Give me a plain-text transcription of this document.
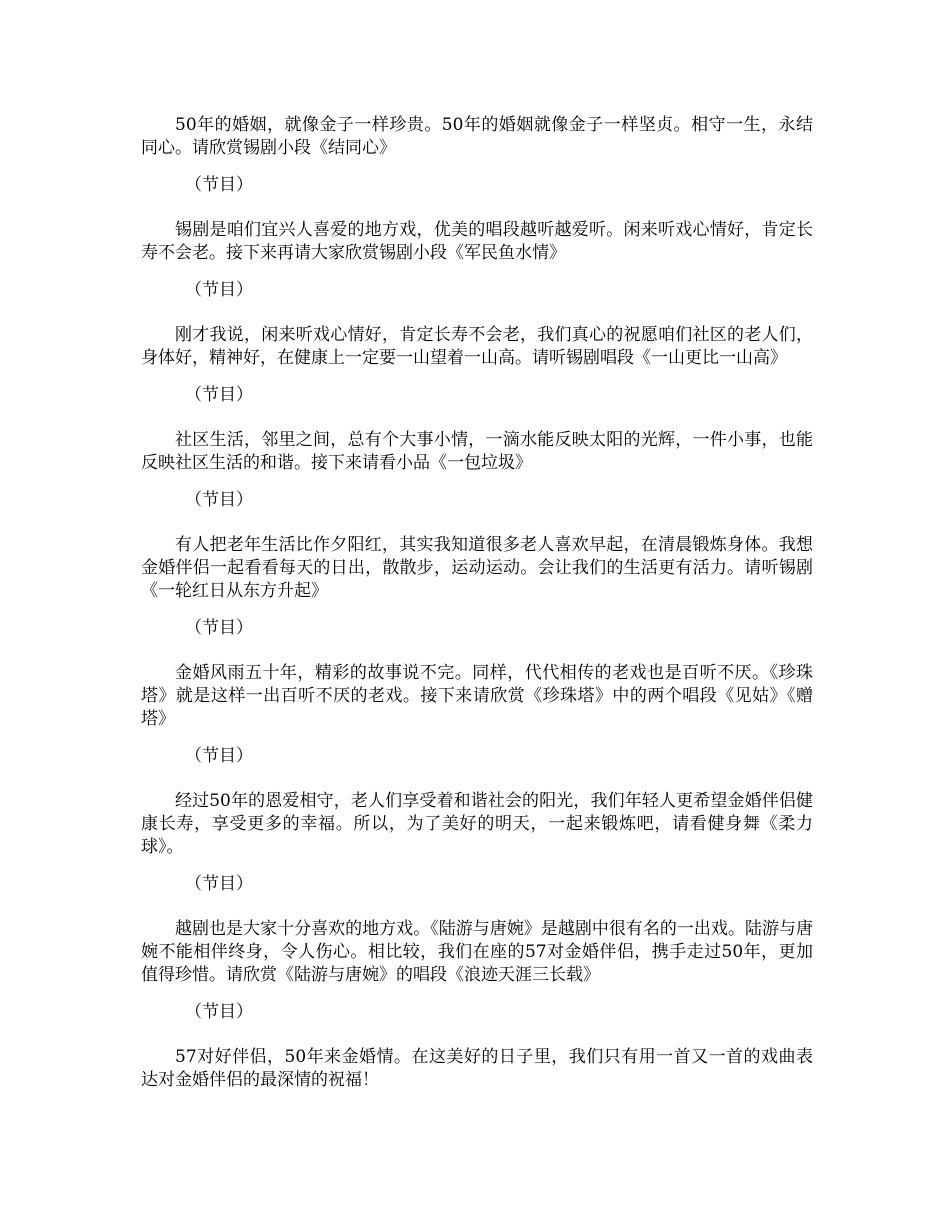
50年的婚姻，就像金子一样珍贵。50年的婚姻就像金子一样坚贞。相守一生，永结同心。请欣赏锡剧小段《结同心》

（节目）

锡剧是咱们宜兴人喜爱的地方戏，优美的唱段越听越爱听。闲来听戏心情好，肯定长寿不会老。接下来再请大家欣赏锡剧小段《军民鱼水情》

（节目）

刚才我说，闲来听戏心情好，肯定长寿不会老，我们真心的祝愿咱们社区的老人们，身体好，精神好，在健康上一定要一山望着一山高。请听锡剧唱段《一山更比一山高》

（节目）

社区生活，邻里之间，总有个大事小情，一滴水能反映太阳的光辉，一件小事，也能反映社区生活的和谐。接下来请看小品《一包垃圾》

（节目）

有人把老年生活比作夕阳红，其实我知道很多老人喜欢早起，在清晨锻炼身体。我想金婚伴侣一起看看每天的日出，散散步，运动运动。会让我们的生活更有活力。请听锡剧《一轮红日从东方升起》

（节目）

金婚风雨五十年，精彩的故事说不完。同样，代代相传的老戏也是百听不厌。《珍珠塔》就是这样一出百听不厌的老戏。接下来请欣赏《珍珠塔》中的两个唱段《见姑》《赠塔》

（节目）

经过50年的恩爱相守，老人们享受着和谐社会的阳光，我们年轻人更希望金婚伴侣健康长寿，享受更多的幸福。所以，为了美好的明天，一起来锻炼吧，请看健身舞《柔力球》。

（节目）

越剧也是大家十分喜欢的地方戏。《陆游与唐婉》是越剧中很有名的一出戏。陆游与唐婉不能相伴终身，令人伤心。相比较，我们在座的57对金婚伴侣，携手走过50年，更加值得珍惜。请欣赏《陆游与唐婉》的唱段《浪迹天涯三长载》

（节目）

57对好伴侣，50年来金婚情。在这美好的日子里，我们只有用一首又一首的戏曲表达对金婚伴侣的最深情的祝福！
